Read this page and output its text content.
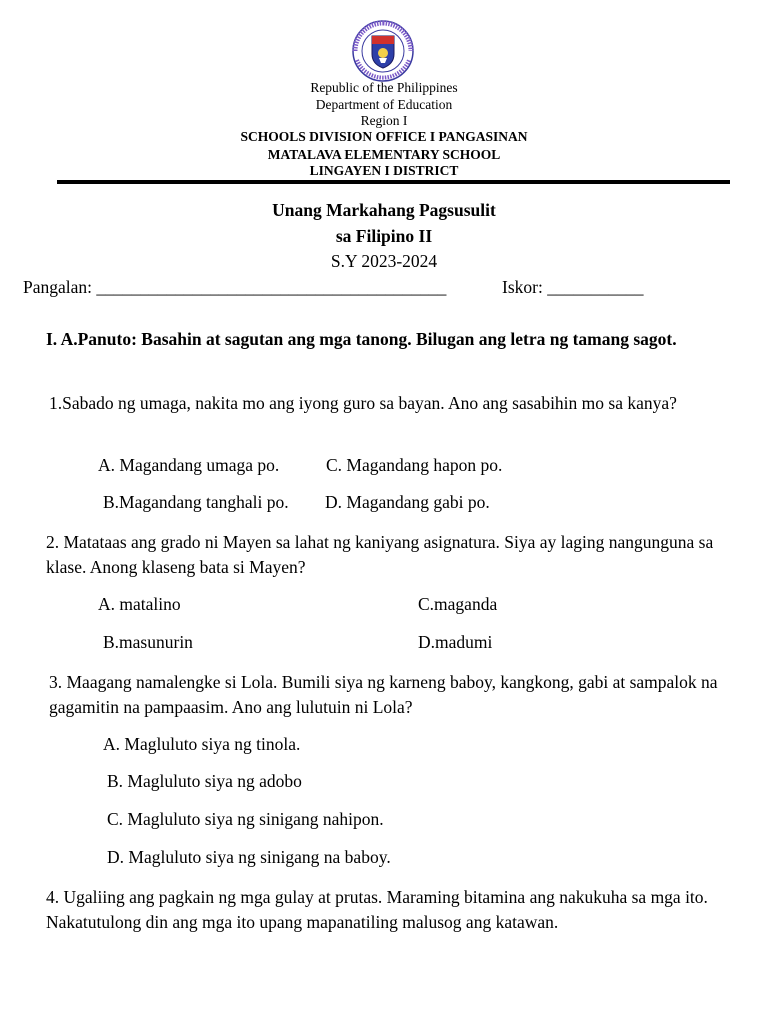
Republic of the Philippines
Department of Education
Region I
SCHOOLS DIVISION OFFICE I PANGASINAN
MATALAVA ELEMENTARY SCHOOL
LINGAYEN I DISTRICT
Unang Markahang Pagsusulit
sa Filipino II
S.Y 2023-2024
Pangalan: ________________________________________	Iskor: ___________
I. A.Panuto: Basahin at sagutan ang mga tanong. Bilugan ang letra ng tamang sagot.
1.Sabado ng umaga, nakita mo ang iyong guro sa bayan. Ano ang sasabihin mo sa kanya?
A. Magandang umaga po.	C. Magandang hapon po.
B.Magandang tanghali po. D. Magandang gabi po.
2. Matataas ang grado ni Mayen sa lahat ng kaniyang asignatura. Siya ay laging nangunguna sa klase. Anong klaseng bata si Mayen?
A. matalino	C.maganda
B.masunurin	D.madumi
3. Maagang namalengke si Lola. Bumili siya ng karneng baboy, kangkong, gabi at sampalok na gagamitin na pampaasim. Ano ang lulutuin ni Lola?
A. Magluluto siya ng tinola.
B. Magluluto siya ng adobo
C. Magluluto siya ng sinigang nahipon.
D. Magluluto siya ng sinigang na baboy.
4. Ugaliing ang pagkain ng mga gulay at prutas. Maraming bitamina ang nakukuha sa mga ito. Nakatutulong din ang mga ito upang mapanatiling malusog ang katawan.
